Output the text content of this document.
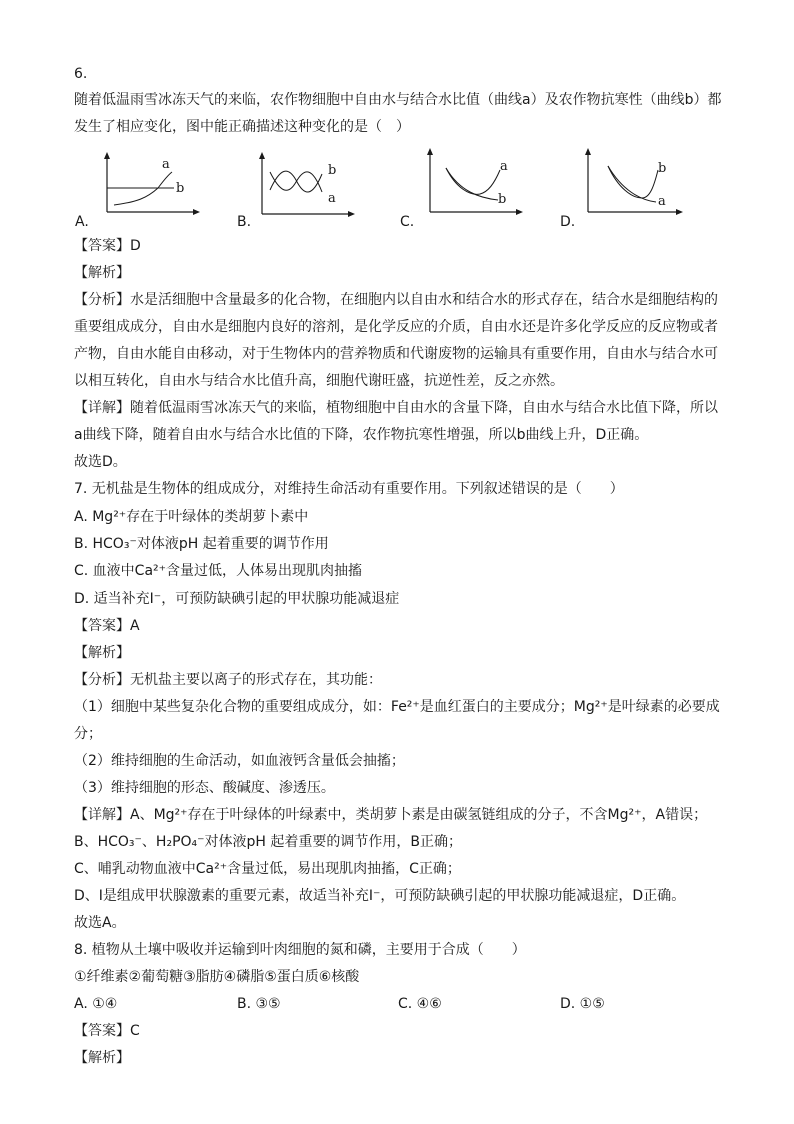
6.
随着低温雨雪冰冻天气的来临，农作物细胞中自由水与结合水比值（曲线a）及农作物抗寒性（曲线b）都
发生了相应变化，图中能正确描述这种变化的是（　）
a
b
A.
b
a
B.
a
b
C.
b
a
D.
【答案】D
【解析】
【分析】水是活细胞中含量最多的化合物，在细胞内以自由水和结合水的形式存在，结合水是细胞结构的
重要组成成分，自由水是细胞内良好的溶剂，是化学反应的介质，自由水还是许多化学反应的反应物或者
产物，自由水能自由移动，对于生物体内的营养物质和代谢废物的运输具有重要作用，自由水与结合水可
以相互转化，自由水与结合水比值升高，细胞代谢旺盛，抗逆性差，反之亦然。
【详解】随着低温雨雪冰冻天气的来临，植物细胞中自由水的含量下降，自由水与结合水比值下降，所以
a曲线下降，随着自由水与结合水比值的下降，农作物抗寒性增强，所以b曲线上升，D正确。
故选D。
7. 无机盐是生物体的组成成分，对维持生命活动有重要作用。下列叙述错误的是（　　）
A. Mg²⁺存在于叶绿体的类胡萝卜素中
B. HCO₃⁻对体液pH 起着重要的调节作用
C. 血液中Ca²⁺含量过低，人体易出现肌肉抽搐
D. 适当补充I⁻，可预防缺碘引起的甲状腺功能减退症
【答案】A
【解析】
【分析】无机盐主要以离子的形式存在，其功能：
（1）细胞中某些复杂化合物的重要组成成分，如：Fe²⁺是血红蛋白的主要成分；Mg²⁺是叶绿素的必要成
分；
（2）维持细胞的生命活动，如血液钙含量低会抽搐；
（3）维持细胞的形态、酸碱度、渗透压。
【详解】A、Mg²⁺存在于叶绿体的叶绿素中，类胡萝卜素是由碳氢链组成的分子，不含Mg²⁺，A错误；
B、HCO₃⁻、H₂PO₄⁻对体液pH 起着重要的调节作用，B正确；
C、哺乳动物血液中Ca²⁺含量过低，易出现肌肉抽搐，C正确；
D、I是组成甲状腺激素的重要元素，故适当补充I⁻，可预防缺碘引起的甲状腺功能减退症，D正确。
故选A。
8. 植物从土壤中吸收并运输到叶肉细胞的氮和磷，主要用于合成（　　）
①纤维素②葡萄糖③脂肪④磷脂⑤蛋白质⑥核酸
A. ①④	B. ③⑤	C. ④⑥	D. ①⑤
【答案】C
【解析】
